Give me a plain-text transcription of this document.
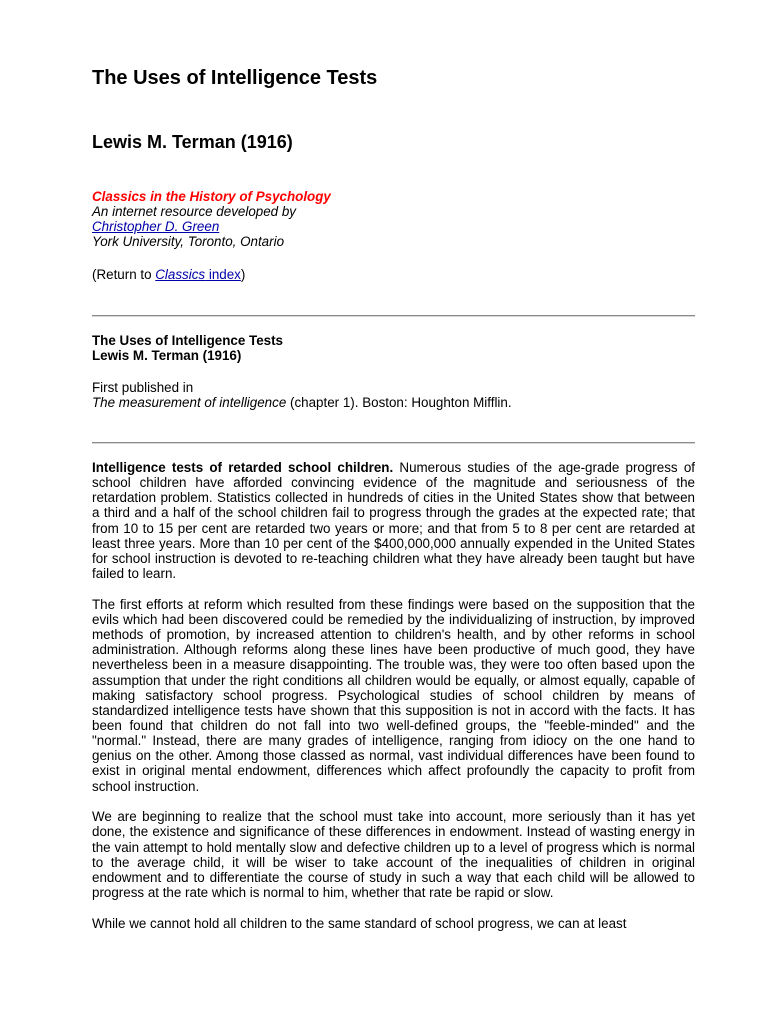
The Uses of Intelligence Tests
Lewis M. Terman (1916)
Classics in the History of Psychology
An internet resource developed by
Christopher D. Green
York University, Toronto, Ontario
(Return to Classics index)
The Uses of Intelligence Tests
Lewis M. Terman (1916)
First published in
The measurement of intelligence (chapter 1). Boston: Houghton Mifflin.

Intelligence tests of retarded school children. Numerous studies of the age-grade progress of school children have afforded convincing evidence of the magnitude and seriousness of the retardation problem. Statistics collected in hundreds of cities in the United States show that between a third and a half of the school children fail to progress through the grades at the expected rate; that from 10 to 15 per cent are retarded two years or more; and that from 5 to 8 per cent are retarded at least three years. More than 10 per cent of the $400,000,000 annually expended in the United States for school instruction is devoted to re-teaching children what they have already been taught but have failed to learn.

The first efforts at reform which resulted from these findings were based on the supposition that the evils which had been discovered could be remedied by the individualizing of instruction, by improved methods of promotion, by increased attention to children's health, and by other reforms in school administration. Although reforms along these lines have been productive of much good, they have nevertheless been in a measure disappointing. The trouble was, they were too often based upon the assumption that under the right conditions all children would be equally, or almost equally, capable of making satisfactory school progress. Psychological studies of school children by means of standardized intelligence tests have shown that this supposition is not in accord with the facts. It has been found that children do not fall into two well-defined groups, the "feeble-minded" and the "normal." Instead, there are many grades of intelligence, ranging from idiocy on the one hand to genius on the other. Among those classed as normal, vast individual differences have been found to exist in original mental endowment, differences which affect profoundly the capacity to profit from school instruction.

We are beginning to realize that the school must take into account, more seriously than it has yet done, the existence and significance of these differences in endowment. Instead of wasting energy in the vain attempt to hold mentally slow and defective children up to a level of progress which is normal to the average child, it will be wiser to take account of the inequalities of children in original endowment and to differentiate the course of study in such a way that each child will be allowed to progress at the rate which is normal to him, whether that rate be rapid or slow.

While we cannot hold all children to the same standard of school progress, we can at least
